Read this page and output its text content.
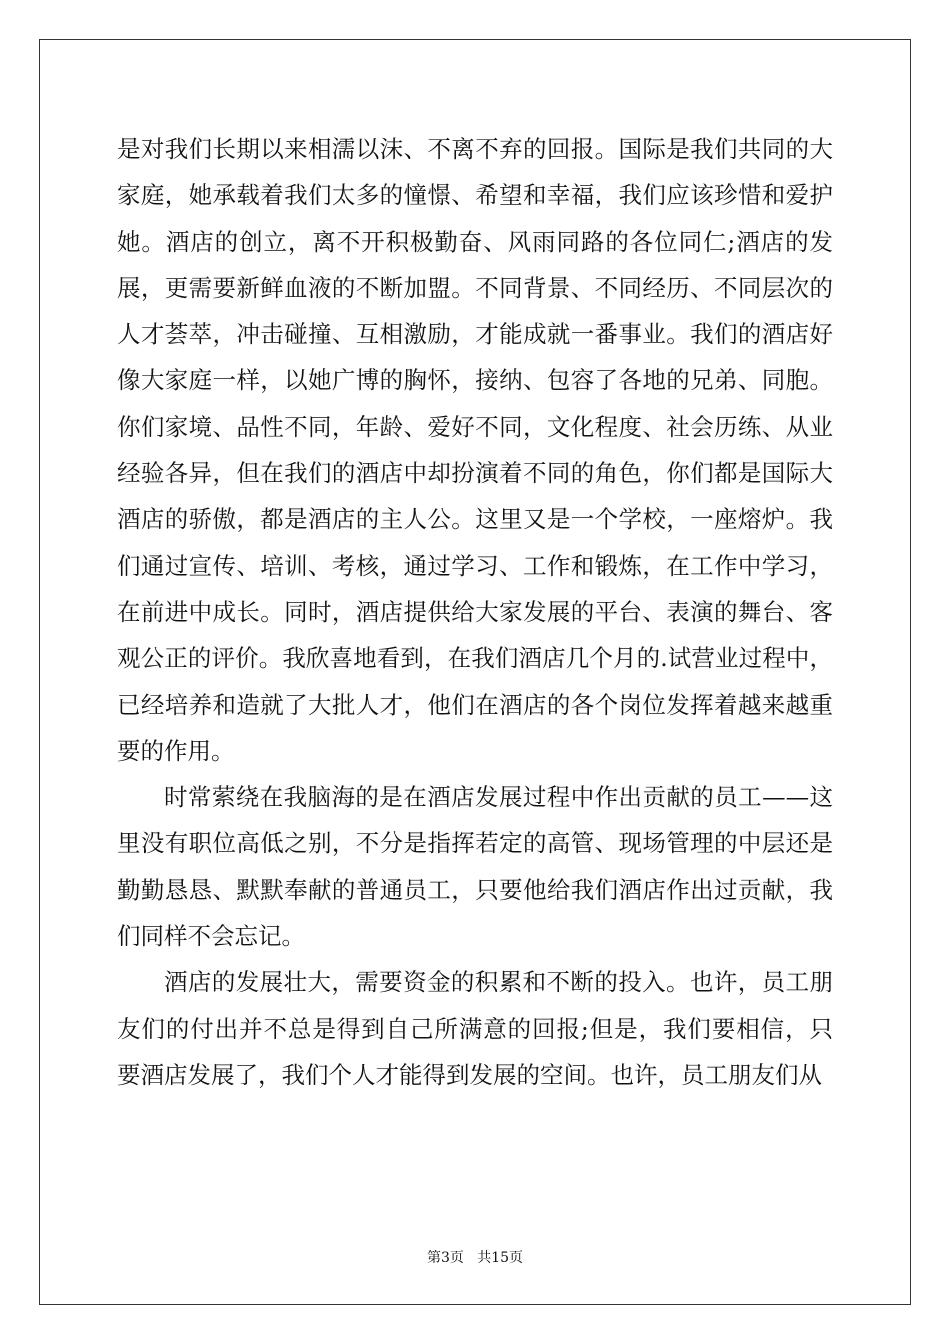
是对我们长期以来相濡以沫、不离不弃的回报。国际是我们共同的大
家庭，她承载着我们太多的憧憬、希望和幸福，我们应该珍惜和爱护
她。酒店的创立，离不开积极勤奋、风雨同路的各位同仁;酒店的发
展，更需要新鲜血液的不断加盟。不同背景、不同经历、不同层次的
人才荟萃，冲击碰撞、互相激励，才能成就一番事业。我们的酒店好
像大家庭一样，以她广博的胸怀，接纳、包容了各地的兄弟、同胞。
你们家境、品性不同，年龄、爱好不同，文化程度、社会历练、从业
经验各异，但在我们的酒店中却扮演着不同的角色，你们都是国际大
酒店的骄傲，都是酒店的主人公。这里又是一个学校，一座熔炉。我
们通过宣传、培训、考核，通过学习、工作和锻炼，在工作中学习，
在前进中成长。同时，酒店提供给大家发展的平台、表演的舞台、客
观公正的评价。我欣喜地看到，在我们酒店几个月的.试营业过程中，
已经培养和造就了大批人才，他们在酒店的各个岗位发挥着越来越重
要的作用。
时常萦绕在我脑海的是在酒店发展过程中作出贡献的员工——这
里没有职位高低之别，不分是指挥若定的高管、现场管理的中层还是
勤勤恳恳、默默奉献的普通员工，只要他给我们酒店作出过贡献，我
们同样不会忘记。
酒店的发展壮大，需要资金的积累和不断的投入。也许，员工朋
友们的付出并不总是得到自己所满意的回报;但是，我们要相信，只
要酒店发展了，我们个人才能得到发展的空间。也许，员工朋友们从
第3页   共15页
